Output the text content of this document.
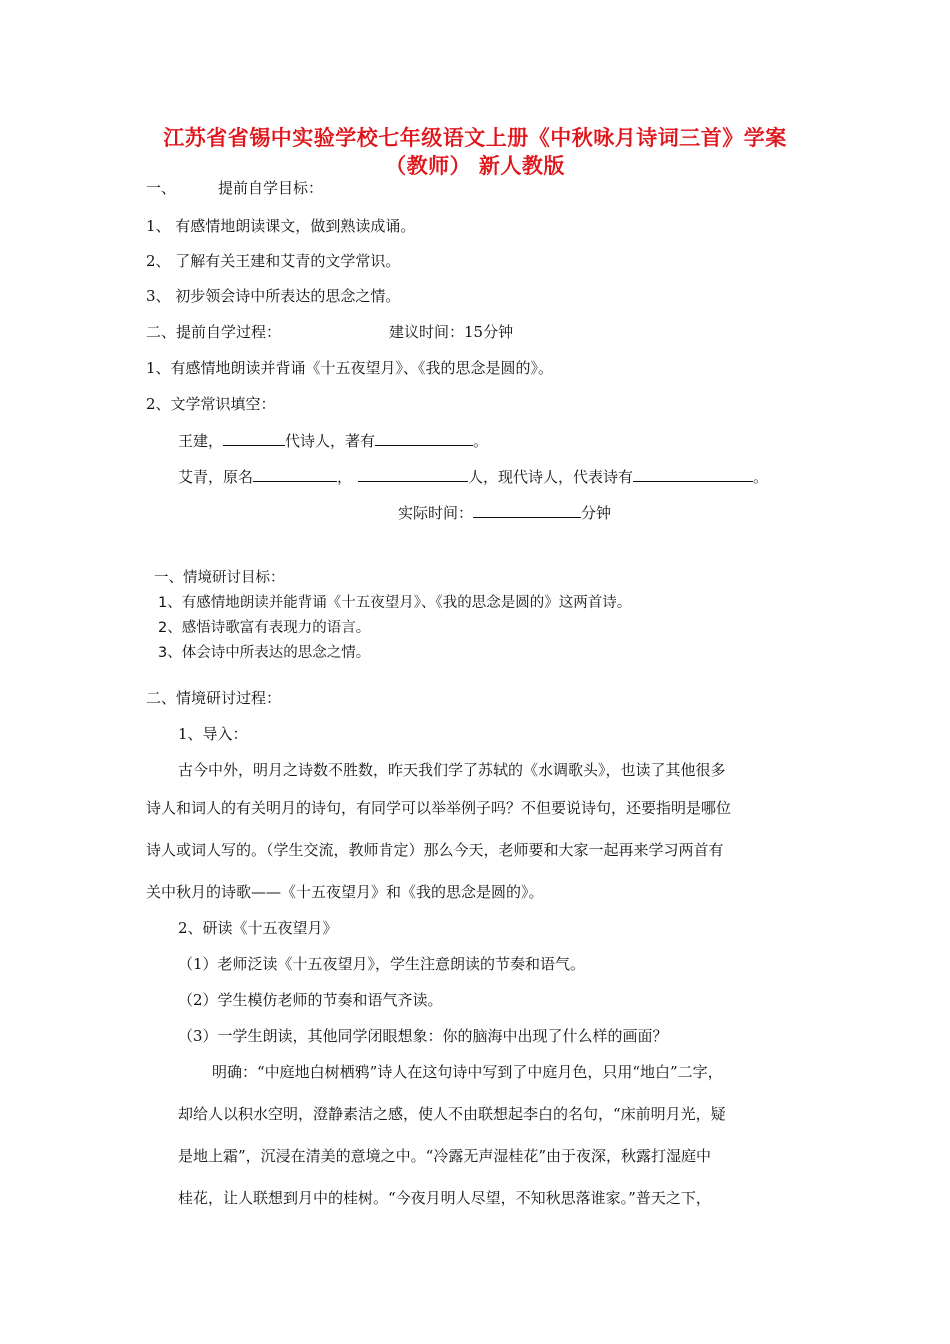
江苏省省锡中实验学校七年级语文上册《中秋咏月诗词三首》学案
（教师） 新人教版
一、	提前自学目标：
1、 有感情地朗读课文，做到熟读成诵。
2、 了解有关王建和艾青的文学常识。
3、 初步领会诗中所表达的思念之情。
二、提前自学过程：	建议时间：15分钟
1、有感情地朗读并背诵《十五夜望月》、《我的思念是圆的》。
2、文学常识填空：
王建，	代诗人，著有	。
艾青，原名	，	人，现代诗人，代表诗有	。
实际时间：	分钟
一、情境研讨目标：
1、有感情地朗读并能背诵《十五夜望月》、《我的思念是圆的》这两首诗。
2、感悟诗歌富有表现力的语言。
3、体会诗中所表达的思念之情。
二、情境研讨过程：
1、导入：
古今中外，明月之诗数不胜数，昨天我们学了苏轼的《水调歌头》，也读了其他很多
诗人和词人的有关明月的诗句，有同学可以举举例子吗？不但要说诗句，还要指明是哪位
诗人或词人写的。（学生交流，教师肯定）那么今天，老师要和大家一起再来学习两首有
关中秋月的诗歌——《十五夜望月》和《我的思念是圆的》。
2、研读《十五夜望月》
（1）老师泛读《十五夜望月》，学生注意朗读的节奏和语气。
（2）学生模仿老师的节奏和语气齐读。
（3）一学生朗读，其他同学闭眼想象：你的脑海中出现了什么样的画面？
明确：“中庭地白树栖鸦”诗人在这句诗中写到了中庭月色，只用“地白”二字，
却给人以积水空明，澄静素洁之感，使人不由联想起李白的名句，“床前明月光，疑
是地上霜”，沉浸在清美的意境之中。“冷露无声湿桂花”由于夜深，秋露打湿庭中
桂花，让人联想到月中的桂树。“今夜月明人尽望，不知秋思落谁家。”普天之下，
